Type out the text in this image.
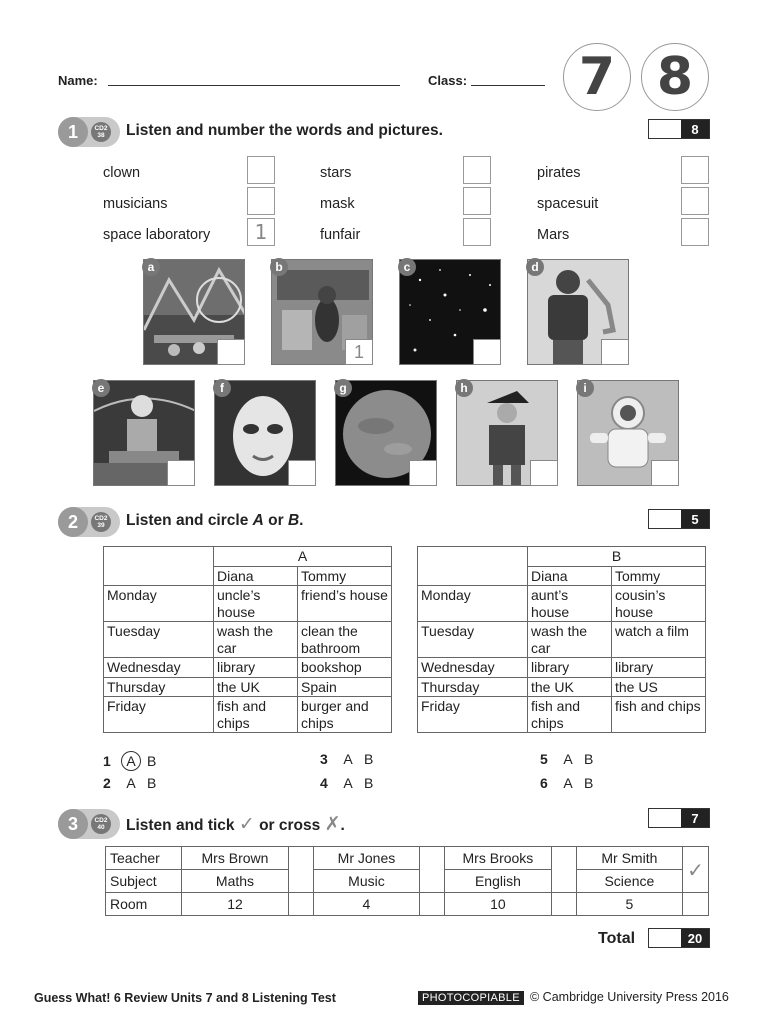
Name:	Class:	7 8
1	CD2 38	Listen and number the words and pictures.	8
clown	stars	pirates
musicians	mask	spacesuit
space laboratory	1	funfair	Mars
a	b
1
c	d
e	f	g	h	i
2	CD2 39	Listen and circle A or B.	5
	A	
	Diana	Tommy
Monday	uncle’s house	friend’s house
Tuesday	wash the car	clean the bathroom
Wednesday	library	bookshop
Thursday	the UK	Spain
Friday	fish and chips	burger and chips
	B	
	Diana	Tommy
Monday	aunt’s house	cousin’s house
Tuesday	wash the car	watch a film
Wednesday	library	library
Thursday	the UK	the US
Friday	fish and chips	fish and chips
1	A B
2	A B
3	A B
4	A B
5	A B
6	A B
3	CD2 40	Listen and tick ✓ or cross ✗.	7
Teacher	Mrs Brown		Mr Jones		Mrs Brooks		Mr Smith	✓
Subject	Maths		Music		English		Science	
Room	12		4		10		5	
Total	20
Guess What! 6 Review Units 7 and 8 Listening Test	PHOTOCOPIABLE © Cambridge University Press 2016
